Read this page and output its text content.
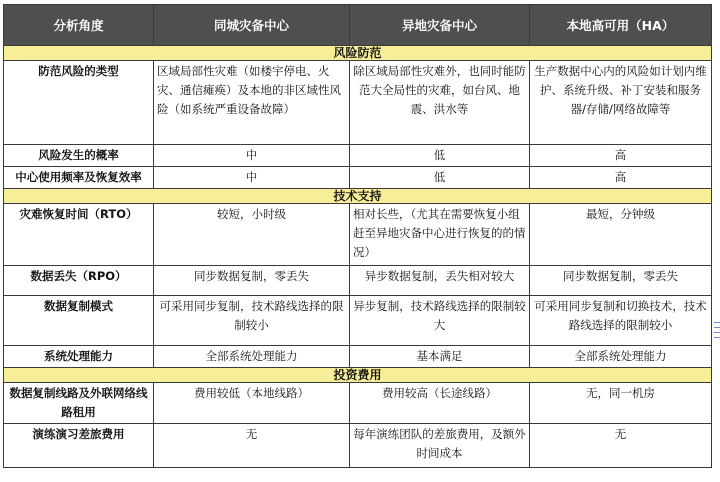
分析角度	同城灾备中心	异地灾备中心	本地高可用（HA）
风险防范			
防范风险的类型	区域局部性灾难（如楼宇停电、火灾、通信瘫痪）及本地的非区域性风险（如系统严重设备故障）	除区域局部性灾难外，也同时能防范大全局性的灾难，如台风、地震、洪水等	生产数据中心内的风险如计划内维护、系统升级、补丁安装和服务器/存储/网络故障等
风险发生的概率	中	低	高
中心使用频率及恢复效率	中	低	高
技术支持			
灾难恢复时间（RTO）	较短，小时级	相对长些，（尤其在需要恢复小组赶至异地灾备中心进行恢复的的情况）	最短，分钟级
数据丢失（RPO）	同步数据复制，零丢失	异步数据复制，丢失相对较大	同步数据复制，零丢失
数据复制模式	可采用同步复制，技术路线选择的限制较小	异步复制，技术路线选择的限制较大	可采用同步复制和切换技术，技术路线选择的限制较小
系统处理能力	全部系统处理能力	基本满足	全部系统处理能力
投资费用			
数据复制线路及外联网络线路租用	费用较低（本地线路）	费用较高（长途线路）	无，同一机房
演练演习差旅费用	无	每年演练团队的差旅费用，及额外时间成本	无
